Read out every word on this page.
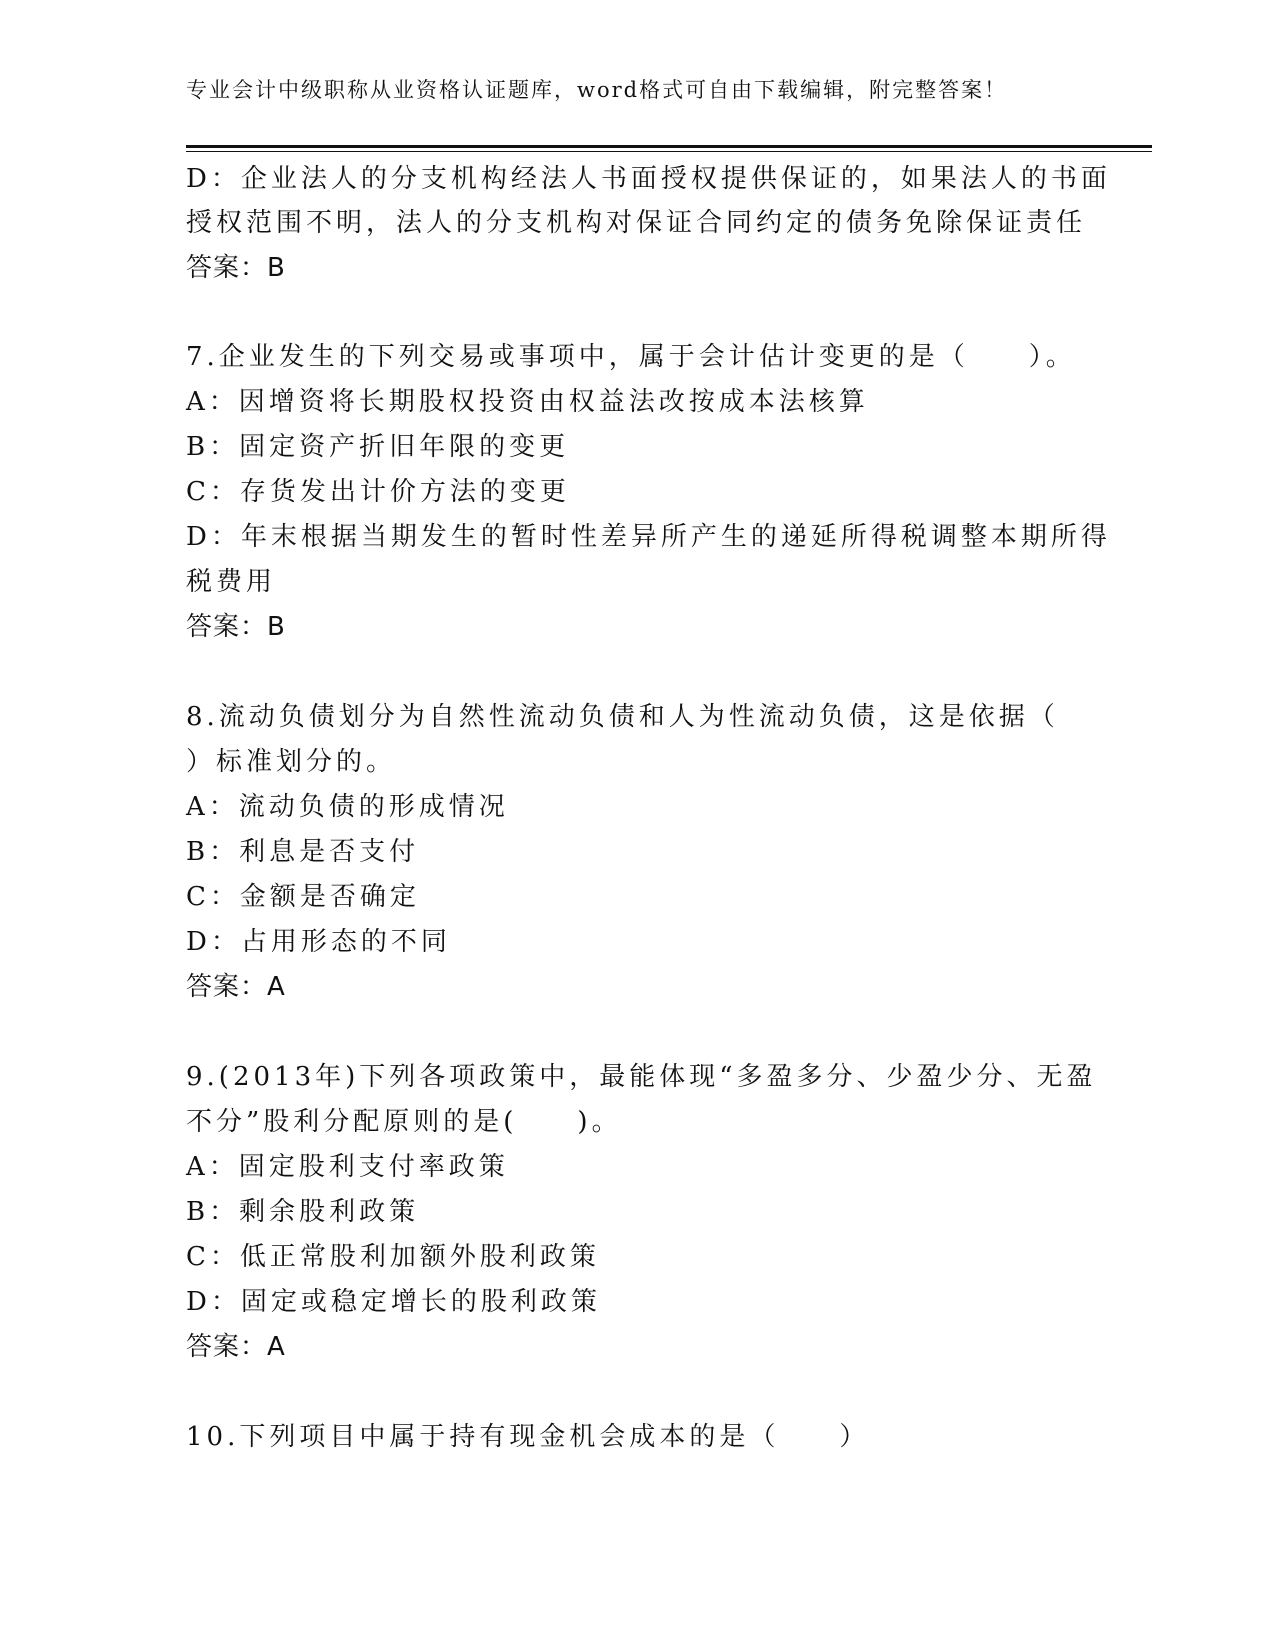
专业会计中级职称从业资格认证题库，word格式可自由下载编辑，附完整答案！
D：企业法人的分支机构经法人书面授权提供保证的，如果法人的书面
授权范围不明，法人的分支机构对保证合同约定的债务免除保证责任
答案：B
7.企业发生的下列交易或事项中，属于会计估计变更的是（　　）。
A：因增资将长期股权投资由权益法改按成本法核算
B：固定资产折旧年限的变更
C：存货发出计价方法的变更
D：年末根据当期发生的暂时性差异所产生的递延所得税调整本期所得
税费用
答案：B
8.流动负债划分为自然性流动负债和人为性流动负债，这是依据（
）标准划分的。
A：流动负债的形成情况
B：利息是否支付
C：金额是否确定
D：占用形态的不同
答案：A
9.(2013年)下列各项政策中，最能体现“多盈多分、少盈少分、无盈
不分”股利分配原则的是(　　)。
A：固定股利支付率政策
B：剩余股利政策
C：低正常股利加额外股利政策
D：固定或稳定增长的股利政策
答案：A
10.下列项目中属于持有现金机会成本的是（　　）
